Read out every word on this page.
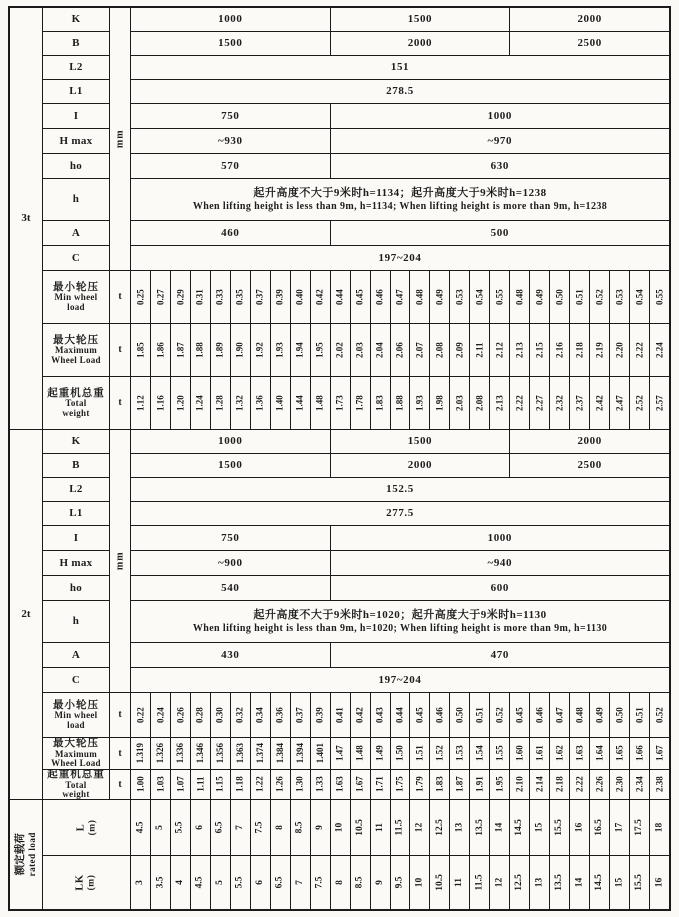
3t
mm
K	1000	1500	2000
B	1500	2000	2500
L2	151
L1	278.5
I	750	1000
H max	~930	~970
ho	570	630
h
起升高度不大于9米时h=1134；起升高度大于9米时h=1238
When lifting height is less than 9m, h=1134; When lifting height is more than 9m, h=1238
A	460	500
C	197~204
最小轮压
Min wheel
load
t	0.25 0.27 0.29 0.31 0.33 0.35 0.37 0.39 0.40 0.42 0.44 0.45 0.46 0.47 0.48 0.49 0.53 0.54 0.55 0.48 0.49 0.50 0.51 0.52 0.53 0.54 0.55
最大轮压
Maximum
Wheel Load
t	1.85 1.86 1.87 1.88 1.89 1.90 1.92 1.93 1.94 1.95 2.02 2.03 2.04 2.06 2.07 2.08 2.09 2.11 2.12 2.13 2.15 2.16 2.18 2.19 2.20 2.22 2.24
起重机总重
Total
weight
t	1.12 1.16 1.20 1.24 1.28 1.32 1.36 1.40 1.44 1.48 1.73 1.78 1.83 1.88 1.93 1.98 2.03 2.08 2.13 2.22 2.27 2.32 2.37 2.42 2.47 2.52 2.57
2t
mm
K	1000	1500	2000
B	1500	2000	2500
L2	152.5
L1	277.5
I	750	1000
H max	~900	~940
ho	540	600
h
起升高度不大于9米时h=1020；起升高度大于9米时h=1130
When lifting height is less than 9m, h=1020; When lifting height is more than 9m, h=1130
A	430	470
C	197~204
最小轮压
Min wheel
load
t	0.22 0.24 0.26 0.28 0.30 0.32 0.34 0.36 0.37 0.39 0.41 0.42 0.43 0.44 0.45 0.46 0.50 0.51 0.52 0.45 0.46 0.47 0.48 0.49 0.50 0.51 0.52
最大轮压
Maximum
Wheel Load
t	1.319 1.326 1.336 1.346 1.356 1.363 1.374 1.384 1.394 1.401 1.47 1.48 1.49 1.50 1.51 1.52 1.53 1.54 1.55 1.60 1.61 1.62 1.63 1.64 1.65 1.66 1.67
起重机总重
Total
weight
t	1.00 1.03 1.07 1.11 1.15 1.18 1.22 1.26 1.30 1.33 1.63 1.67 1.71 1.75 1.79 1.83 1.87 1.91 1.95 2.10 2.14 2.18 2.22 2.26 2.30 2.34 2.38
额定载荷 rated load
L (m)	4.5 5 5.5 6 6.5 7 7.5 8 8.5 9 10 10.5 11 11.5 12 12.5 13 13.5 14 14.5 15 15.5 16 16.5 17 17.5 18
LK (m)	3 3.5 4 4.5 5 5.5 6 6.5 7 7.5 8 8.5 9 9.5 10 10.5 11 11.5 12 12.5 13 13.5 14 14.5 15 15.5 16
